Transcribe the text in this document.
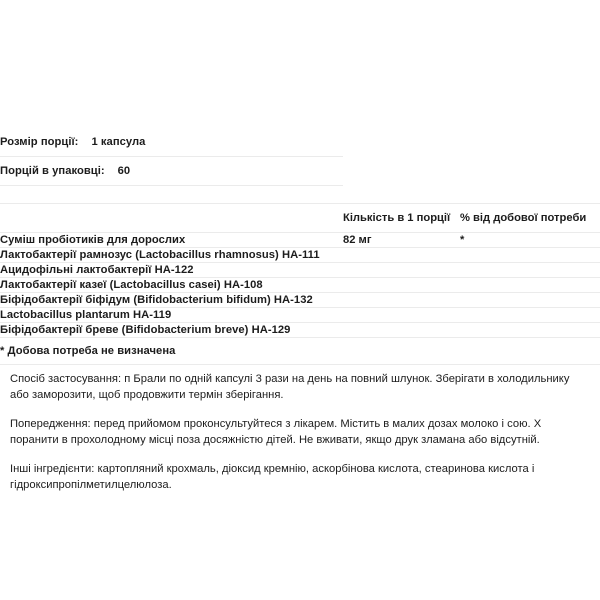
Розмір порції: 1 капсула		
Порцій в упаковці: 60		

	Кількість в 1 порції	% від добової потреби
Суміш пробіотиків для дорослих	82 мг	*
Лактобактерії рамнозус (Lactobacillus rhamnosus) HA-111		
Ацидофільні лактобактерії HA-122		
Лактобактерії казеї (Lactobacillus casei) HA-108		
Біфідобактерії біфідум (Bifidobacterium bifidum) HA-132		
Lactobacillus plantarum HA-119		
Біфідобактерії бреве (Bifidobacterium breve) HA-129		
* Добова потреба не визначена		

Спосіб застосування: п Брали по одній капсулі 3 рази на день на повний шлунок. Зберігати в холодильнику або заморозити, щоб продовжити термін зберігання.

Попередження: перед прийомом проконсультуйтеся з лікарем. Містить в малих дозах молоко і сою. Х поранити в прохолодному місці поза досяжністю дітей. Не вживати, якщо друк зламана або відсутній.

Інші інгредієнти: картопляний крохмаль, діоксид кремнію, аскорбінова кислота, стеаринова кислота і гідроксипропілметилцелюлоза.
